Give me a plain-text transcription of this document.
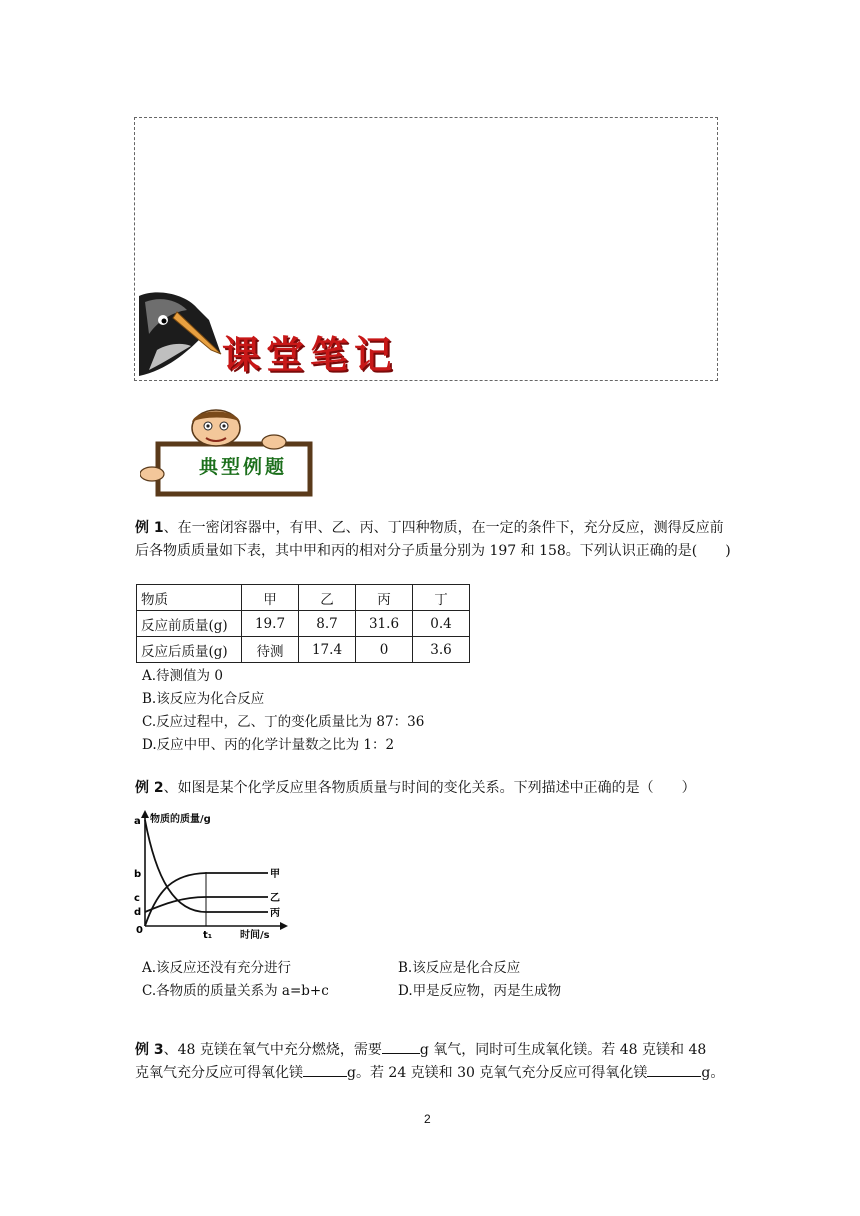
课堂笔记
典型例题
例 1、在一密闭容器中，有甲、乙、丙、丁四种物质，在一定的条件下，充分反应，测得反应前后各物质质量如下表，其中甲和丙的相对分子质量分别为 197 和 158。下列认识正确的是(　　)
物质	甲	乙	丙	丁
反应前质量(g)	19.7	8.7	31.6	0.4
反应后质量(g)	待测	17.4	0	3.6
A.待测值为 0
B.该反应为化合反应
C.反应过程中，乙、丁的变化质量比为 87：36
D.反应中甲、丙的化学计量数之比为 1：2
例 2、如图是某个化学反应里各物质质量与时间的变化关系。下列描述中正确的是（　　）
物质的质量/g
时间/s
a
b
c
d
0	t₁
甲
乙
丙
A.该反应还没有充分进行	B.该反应是化合反应
C.各物质的质量关系为 a=b+c	D.甲是反应物，丙是生成物
例 3、48 克镁在氧气中充分燃烧，需要	g 氧气，同时可生成氧化镁。若 48 克镁和 48
克氧气充分反应可得氧化镁	g。若 24 克镁和 30 克氧气充分反应可得氧化镁	g。
2
